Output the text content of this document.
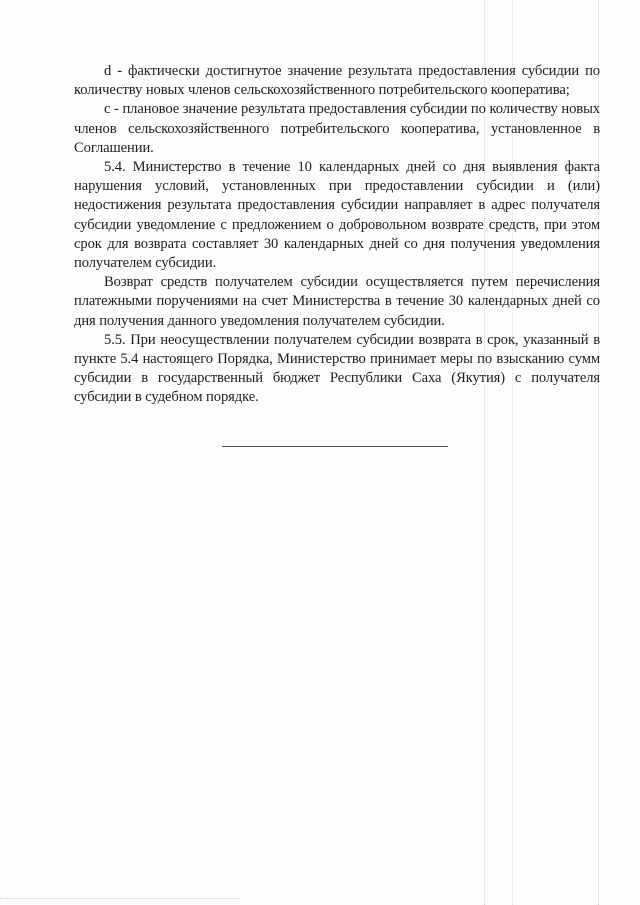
d - фактически достигнутое значение результата предоставления субсидии по количеству новых членов сельскохозяйственного потребительского кооператива;

с - плановое значение результата предоставления субсидии по количеству новых членов сельскохозяйственного потребительского кооператива, установленное в Соглашении.

5.4. Министерство в течение 10 календарных дней со дня выявления факта нарушения условий, установленных при предоставлении субсидии и (или) недостижения результата предоставления субсидии направляет в адрес получателя субсидии уведомление с предложением о добровольном возврате средств, при этом срок для возврата составляет 30 календарных дней со дня получения уведомления получателем субсидии.

Возврат средств получателем субсидии осуществляется путем перечисления платежными поручениями на счет Министерства в течение 30 календарных дней со дня получения данного уведомления получателем субсидии.

5.5. При неосуществлении получателем субсидии возврата в срок, указанный в пункте 5.4 настоящего Порядка, Министерство принимает меры по взысканию сумм субсидии в государственный бюджет Республики Саха (Якутия) с получателя субсидии в судебном порядке.
